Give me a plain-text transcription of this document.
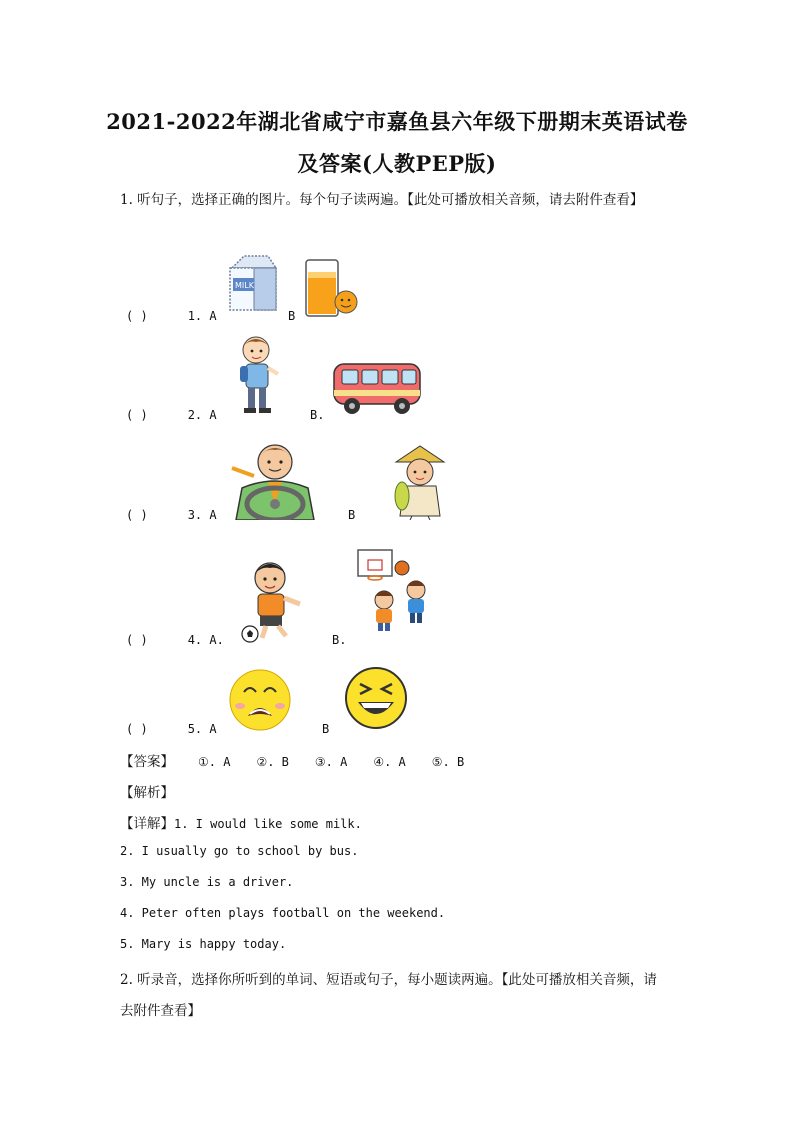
2021-2022年湖北省咸宁市嘉鱼县六年级下册期末英语试卷
及答案(人教PEP版)
1. 听句子，选择正确的图片。每个句子读两遍。【此处可播放相关音频，请去附件查看】
( )	1. A	B
MILK
( )	2. A	B.
( )	3. A	B
( )	4. A.	B.
( )	5. A	B
【答案】 ①. A ②. B ③. A ④. A ⑤. B
【解析】
【详解】1. I would like some milk.
2. I usually go to school by bus.
3. My uncle is a driver.
4. Peter often plays football on the weekend.
5. Mary is happy today.
2. 听录音，选择你所听到的单词、短语或句子，每小题读两遍。【此处可播放相关音频，请
去附件查看】
